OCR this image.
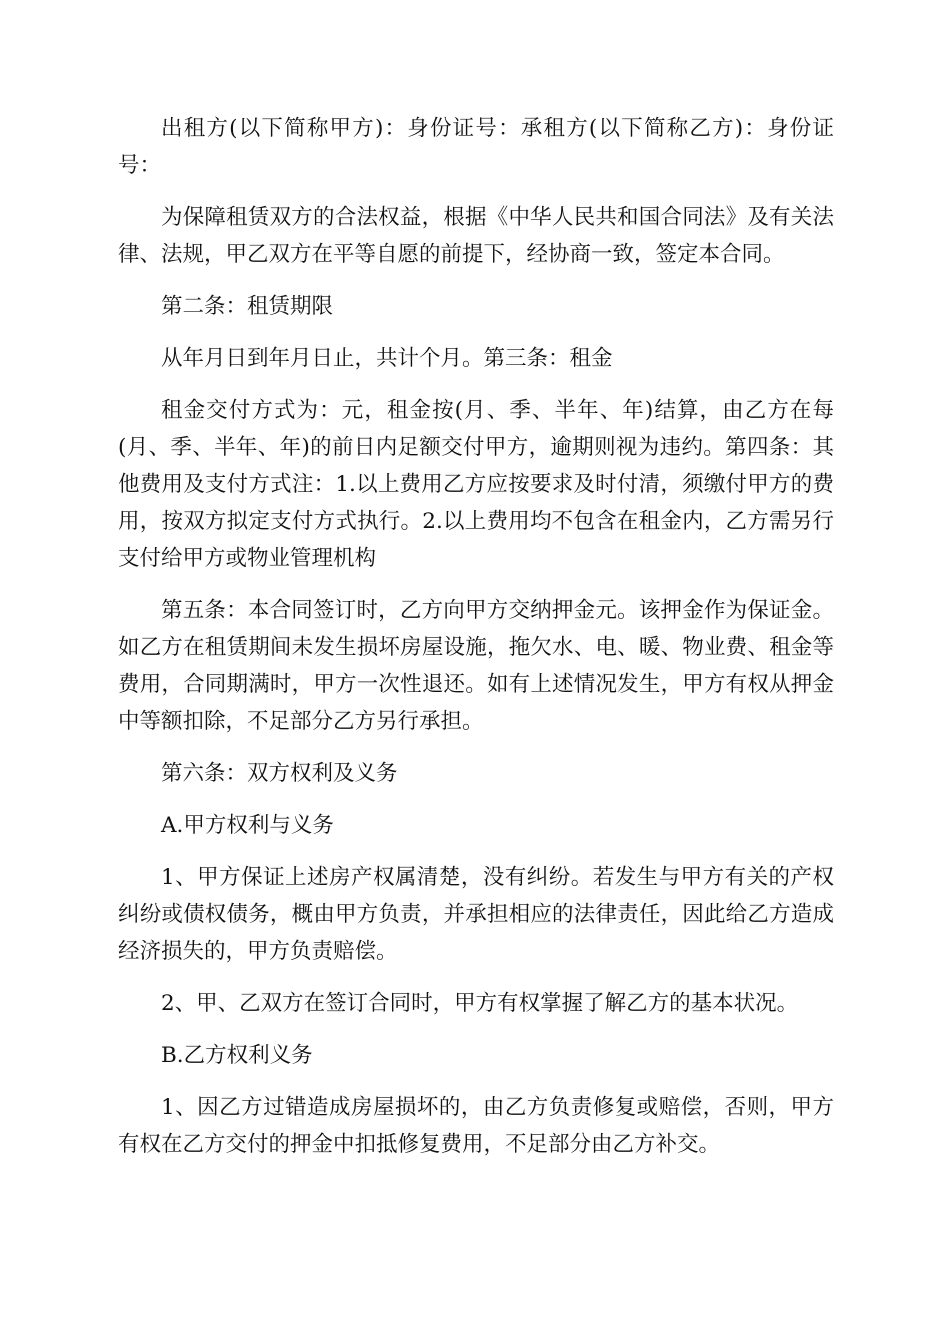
出租方(以下简称甲方)：身份证号：承租方(以下简称乙方)：身份证号：

为保障租赁双方的合法权益，根据《中华人民共和国合同法》及有关法律、法规，甲乙双方在平等自愿的前提下，经协商一致，签定本合同。

第二条：租赁期限

从年月日到年月日止，共计个月。第三条：租金

租金交付方式为：元，租金按(月、季、半年、年)结算，由乙方在每(月、季、半年、年)的前日内足额交付甲方，逾期则视为违约。第四条：其他费用及支付方式注：1.以上费用乙方应按要求及时付清，须缴付甲方的费用，按双方拟定支付方式执行。2.以上费用均不包含在租金内，乙方需另行支付给甲方或物业管理机构

第五条：本合同签订时，乙方向甲方交纳押金元。该押金作为保证金。如乙方在租赁期间未发生损坏房屋设施，拖欠水、电、暖、物业费、租金等费用，合同期满时，甲方一次性退还。如有上述情况发生，甲方有权从押金中等额扣除，不足部分乙方另行承担。

第六条：双方权利及义务

A.甲方权利与义务

1、甲方保证上述房产权属清楚，没有纠纷。若发生与甲方有关的产权纠纷或债权债务，概由甲方负责，并承担相应的法律责任，因此给乙方造成经济损失的，甲方负责赔偿。

2、甲、乙双方在签订合同时，甲方有权掌握了解乙方的基本状况。

B.乙方权利义务

1、因乙方过错造成房屋损坏的，由乙方负责修复或赔偿，否则，甲方有权在乙方交付的押金中扣抵修复费用，不足部分由乙方补交。
